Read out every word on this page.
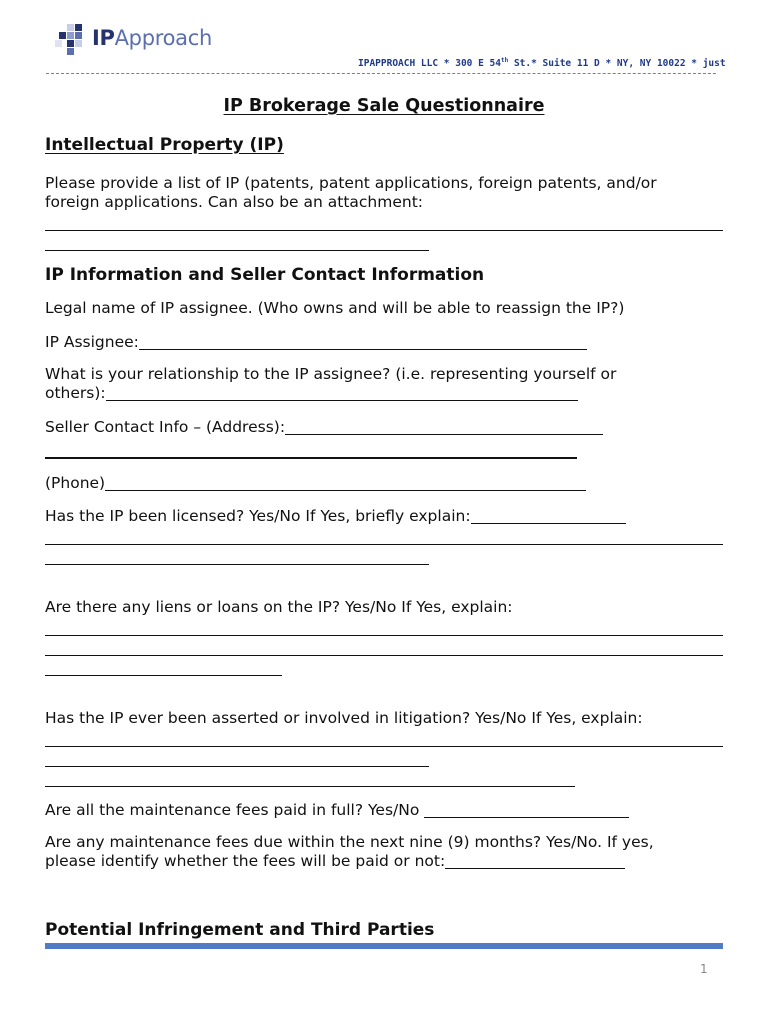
IPApproach
IPAPPROACH LLC * 300 E 54th St.* Suite 11 D * NY, NY 10022 * just
IP Brokerage Sale Questionnaire
Intellectual Property (IP)
Please provide a list of IP (patents, patent applications, foreign patents, and/or
foreign applications. Can also be an attachment:
IP Information and Seller Contact Information
Legal name of IP assignee. (Who owns and will be able to reassign the IP?)
IP Assignee:
What is your relationship to the IP assignee? (i.e. representing yourself or
others):
Seller Contact Info – (Address):
(Phone)
Has the IP been licensed? Yes/No If Yes, briefly explain:
Are there any liens or loans on the IP? Yes/No If Yes, explain:
Has the IP ever been asserted or involved in litigation? Yes/No If Yes, explain:
Are all the maintenance fees paid in full? Yes/No
Are any maintenance fees due within the next nine (9) months? Yes/No. If yes,
please identify whether the fees will be paid or not:
Potential Infringement and Third Parties
1
